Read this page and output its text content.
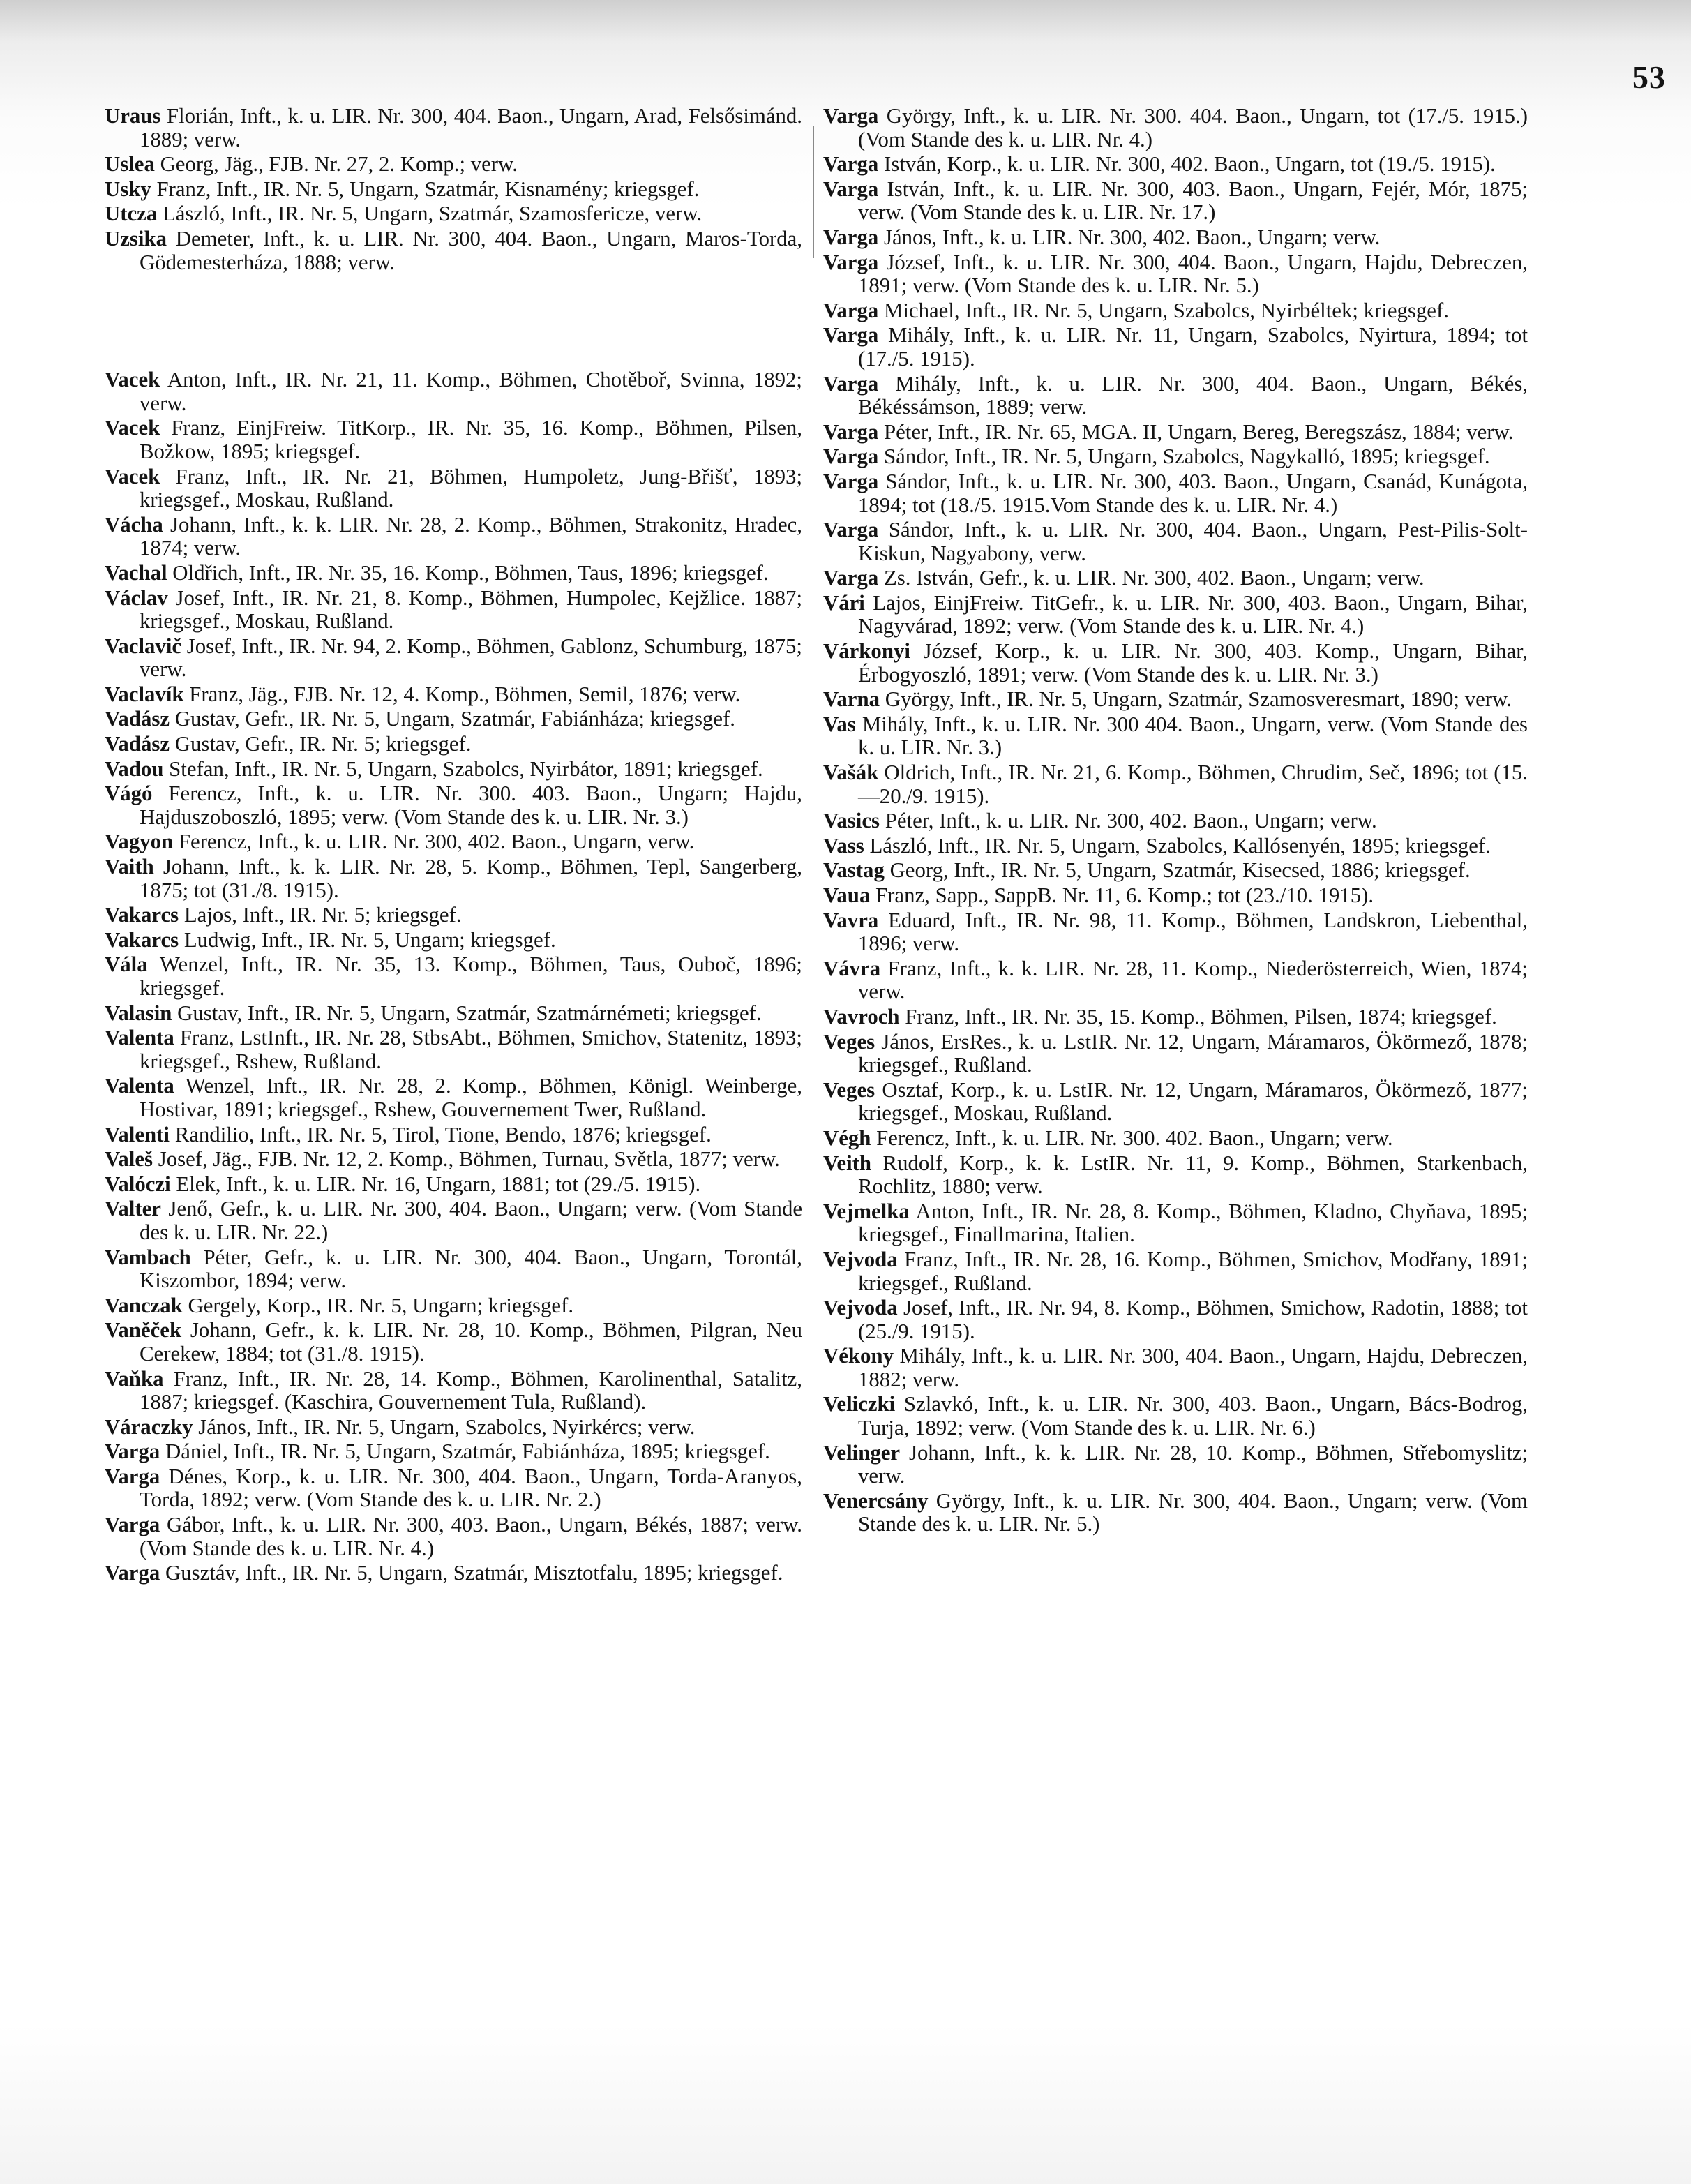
53
Uraus Florián, Inft., k. u. LIR. Nr. 300, 404. Baon., Ungarn, Arad, Felsősimánd. 1889; verw.
Uslea Georg, Jäg., FJB. Nr. 27, 2. Komp.; verw.
Usky Franz, Inft., IR. Nr. 5, Ungarn, Szatmár, Kisnamény; kriegsgef.
Utcza László, Inft., IR. Nr. 5, Ungarn, Szatmár, Szamosfericze, verw.
Uzsika Demeter, Inft., k. u. LIR. Nr. 300, 404. Baon., Ungarn, Maros-Torda, Gödemesterháza, 1888; verw.
Vacek Anton, Inft., IR. Nr. 21, 11. Komp., Böhmen, Chotěboř, Svinna, 1892; verw.
Vacek Franz, EinjFreiw. TitKorp., IR. Nr. 35, 16. Komp., Böhmen, Pilsen, Božkow, 1895; kriegsgef.
Vacek Franz, Inft., IR. Nr. 21, Böhmen, Humpoletz, Jung-Břišť, 1893; kriegsgef., Moskau, Rußland.
Vácha Johann, Inft., k. k. LIR. Nr. 28, 2. Komp., Böhmen, Strakonitz, Hradec, 1874; verw.
Vachal Oldřich, Inft., IR. Nr. 35, 16. Komp., Böhmen, Taus, 1896; kriegsgef.
Václav Josef, Inft., IR. Nr. 21, 8. Komp., Böhmen, Humpolec, Kejžlice. 1887; kriegsgef., Moskau, Rußland.
Vaclavič Josef, Inft., IR. Nr. 94, 2. Komp., Böhmen, Gablonz, Schumburg, 1875; verw.
Vaclavík Franz, Jäg., FJB. Nr. 12, 4. Komp., Böhmen, Semil, 1876; verw.
Vadász Gustav, Gefr., IR. Nr. 5, Ungarn, Szatmár, Fabiánháza; kriegsgef.
Vadász Gustav, Gefr., IR. Nr. 5; kriegsgef.
Vadou Stefan, Inft., IR. Nr. 5, Ungarn, Szabolcs, Nyirbátor, 1891; kriegsgef.
Vágó Ferencz, Inft., k. u. LIR. Nr. 300. 403. Baon., Ungarn; Hajdu, Hajduszoboszló, 1895; verw. (Vom Stande des k. u. LIR. Nr. 3.)
Vagyon Ferencz, Inft., k. u. LIR. Nr. 300, 402. Baon., Ungarn, verw.
Vaith Johann, Inft., k. k. LIR. Nr. 28, 5. Komp., Böhmen, Tepl, Sangerberg, 1875; tot (31./8. 1915).
Vakarcs Lajos, Inft., IR. Nr. 5; kriegsgef.
Vakarcs Ludwig, Inft., IR. Nr. 5, Ungarn; kriegsgef.
Vála Wenzel, Inft., IR. Nr. 35, 13. Komp., Böhmen, Taus, Oubоč, 1896; kriegsgef.
Valasin Gustav, Inft., IR. Nr. 5, Ungarn, Szatmár, Szatmárnémeti; kriegsgef.
Valenta Franz, LstInft., IR. Nr. 28, StbsAbt., Böhmen, Smichov, Statenitz, 1893; kriegsgef., Rshew, Rußland.
Valenta Wenzel, Inft., IR. Nr. 28, 2. Komp., Böhmen, Königl. Weinberge, Hostivar, 1891; kriegsgef., Rshew, Gouvernement Twer, Rußland.
Valenti Randilio, Inft., IR. Nr. 5, Tirol, Tione, Bendo, 1876; kriegsgef.
Valeš Josef, Jäg., FJB. Nr. 12, 2. Komp., Böhmen, Turnau, Světla, 1877; verw.
Valóczi Elek, Inft., k. u. LIR. Nr. 16, Ungarn, 1881; tot (29./5. 1915).
Valter Jenő, Gefr., k. u. LIR. Nr. 300, 404. Baon., Ungarn; verw. (Vom Stande des k. u. LIR. Nr. 22.)
Vambach Péter, Gefr., k. u. LIR. Nr. 300, 404. Baon., Ungarn, Torontál, Kiszombor, 1894; verw.
Vanczak Gergely, Korp., IR. Nr. 5, Ungarn; kriegsgef.
Vaněček Johann, Gefr., k. k. LIR. Nr. 28, 10. Komp., Böhmen, Pilgran, Neu Cerekew, 1884; tot (31./8. 1915).
Vaňka Franz, Inft., IR. Nr. 28, 14. Komp., Böhmen, Karolinenthal, Satalitz, 1887; kriegsgef. (Kaschira, Gouvernement Tula, Rußland).
Váraczky János, Inft., IR. Nr. 5, Ungarn, Szabolcs, Nyirkércs; verw.
Varga Dániel, Inft., IR. Nr. 5, Ungarn, Szatmár, Fabiánháza, 1895; kriegsgef.
Varga Dénes, Korp., k. u. LIR. Nr. 300, 404. Baon., Ungarn, Torda-Aranyos, Torda, 1892; verw. (Vom Stande des k. u. LIR. Nr. 2.)
Varga Gábor, Inft., k. u. LIR. Nr. 300, 403. Baon., Ungarn, Békés, 1887; verw. (Vom Stande des k. u. LIR. Nr. 4.)
Varga Gusztáv, Inft., IR. Nr. 5, Ungarn, Szatmár, Misztotfalu, 1895; kriegsgef.
Varga György, Inft., k. u. LIR. Nr. 300. 404. Baon., Ungarn, tot (17./5. 1915.) (Vom Stande des k. u. LIR. Nr. 4.)
Varga István, Korp., k. u. LIR. Nr. 300, 402. Baon., Ungarn, tot (19./5. 1915).
Varga István, Inft., k. u. LIR. Nr. 300, 403. Baon., Ungarn, Fejér, Mór, 1875; verw. (Vom Stande des k. u. LIR. Nr. 17.)
Varga János, Inft., k. u. LIR. Nr. 300, 402. Baon., Ungarn; verw.
Varga József, Inft., k. u. LIR. Nr. 300, 404. Baon., Ungarn, Hajdu, Debreczen, 1891; verw. (Vom Stande des k. u. LIR. Nr. 5.)
Varga Michael, Inft., IR. Nr. 5, Ungarn, Szabolcs, Nyirbéltek; kriegsgef.
Varga Mihály, Inft., k. u. LIR. Nr. 11, Ungarn, Szabolcs, Nyirtura, 1894; tot (17./5. 1915).
Varga Mihály, Inft., k. u. LIR. Nr. 300, 404. Baon., Ungarn, Békés, Békéssámson, 1889; verw.
Varga Péter, Inft., IR. Nr. 65, MGA. II, Ungarn, Bereg, Beregszász, 1884; verw.
Varga Sándor, Inft., IR. Nr. 5, Ungarn, Szabolcs, Nagykalló, 1895; kriegsgef.
Varga Sándor, Inft., k. u. LIR. Nr. 300, 403. Baon., Ungarn, Csanád, Kunágota, 1894; tot (18./5. 1915.Vom Stande des k. u. LIR. Nr. 4.)
Varga Sándor, Inft., k. u. LIR. Nr. 300, 404. Baon., Ungarn, Pest-Pilis-Solt-Kiskun, Nagyabony, verw.
Varga Zs. István, Gefr., k. u. LIR. Nr. 300, 402. Baon., Ungarn; verw.
Vári Lajos, EinjFreiw. TitGefr., k. u. LIR. Nr. 300, 403. Baon., Ungarn, Bihar, Nagyvárad, 1892; verw. (Vom Stande des k. u. LIR. Nr. 4.)
Várkonyi József, Korp., k. u. LIR. Nr. 300, 403. Komp., Ungarn, Bihar, Érbogyoszló, 1891; verw. (Vom Stande des k. u. LIR. Nr. 3.)
Varna György, Inft., IR. Nr. 5, Ungarn, Szatmár, Szamosveresmart, 1890; verw.
Vas Mihály, Inft., k. u. LIR. Nr. 300 404. Baon., Ungarn, verw. (Vom Stande des k. u. LIR. Nr. 3.)
Vašák Oldrich, Inft., IR. Nr. 21, 6. Komp., Böhmen, Chrudim, Seč, 1896; tot (15.—20./9. 1915).
Vasics Péter, Inft., k. u. LIR. Nr. 300, 402. Baon., Ungarn; verw.
Vass László, Inft., IR. Nr. 5, Ungarn, Szabolcs, Kallósenyén, 1895; kriegsgef.
Vastag Georg, Inft., IR. Nr. 5, Ungarn, Szatmár, Kisecsed, 1886; kriegsgef.
Vaua Franz, Sapp., SappB. Nr. 11, 6. Komp.; tot (23./10. 1915).
Vavra Eduard, Inft., IR. Nr. 98, 11. Komp., Böhmen, Landskron, Liebenthal, 1896; verw.
Vávra Franz, Inft., k. k. LIR. Nr. 28, 11. Komp., Niederösterreich, Wien, 1874; verw.
Vavroch Franz, Inft., IR. Nr. 35, 15. Komp., Böhmen, Pilsen, 1874; kriegsgef.
Veges János, ErsRes., k. u. LstIR. Nr. 12, Ungarn, Máramaros, Ökörmező, 1878; kriegsgef., Rußland.
Veges Osztaf, Korp., k. u. LstIR. Nr. 12, Ungarn, Máramaros, Ökörmező, 1877; kriegsgef., Moskau, Rußland.
Végh Ferencz, Inft., k. u. LIR. Nr. 300. 402. Baon., Ungarn; verw.
Veith Rudolf, Korp., k. k. LstIR. Nr. 11, 9. Komp., Böhmen, Starkenbach, Rochlitz, 1880; verw.
Vejmelka Anton, Inft., IR. Nr. 28, 8. Komp., Böhmen, Kladno, Chyňava, 1895; kriegsgef., Finallmarina, Italien.
Vejvoda Franz, Inft., IR. Nr. 28, 16. Komp., Böhmen, Smichov, Modřany, 1891; kriegsgef., Rußland.
Vejvoda Josef, Inft., IR. Nr. 94, 8. Komp., Böhmen, Smichow, Radotin, 1888; tot (25./9. 1915).
Vékony Mihály, Inft., k. u. LIR. Nr. 300, 404. Baon., Ungarn, Hajdu, Debreczen, 1882; verw.
Veliczki Szlavkó, Inft., k. u. LIR. Nr. 300, 403. Baon., Ungarn, Bács-Bodrog, Turja, 1892; verw. (Vom Stande des k. u. LIR. Nr. 6.)
Velinger Johann, Inft., k. k. LIR. Nr. 28, 10. Komp., Böhmen, Střebomyslitz; verw.
Venercsány György, Inft., k. u. LIR. Nr. 300, 404. Baon., Ungarn; verw. (Vom Stande des k. u. LIR. Nr. 5.)
